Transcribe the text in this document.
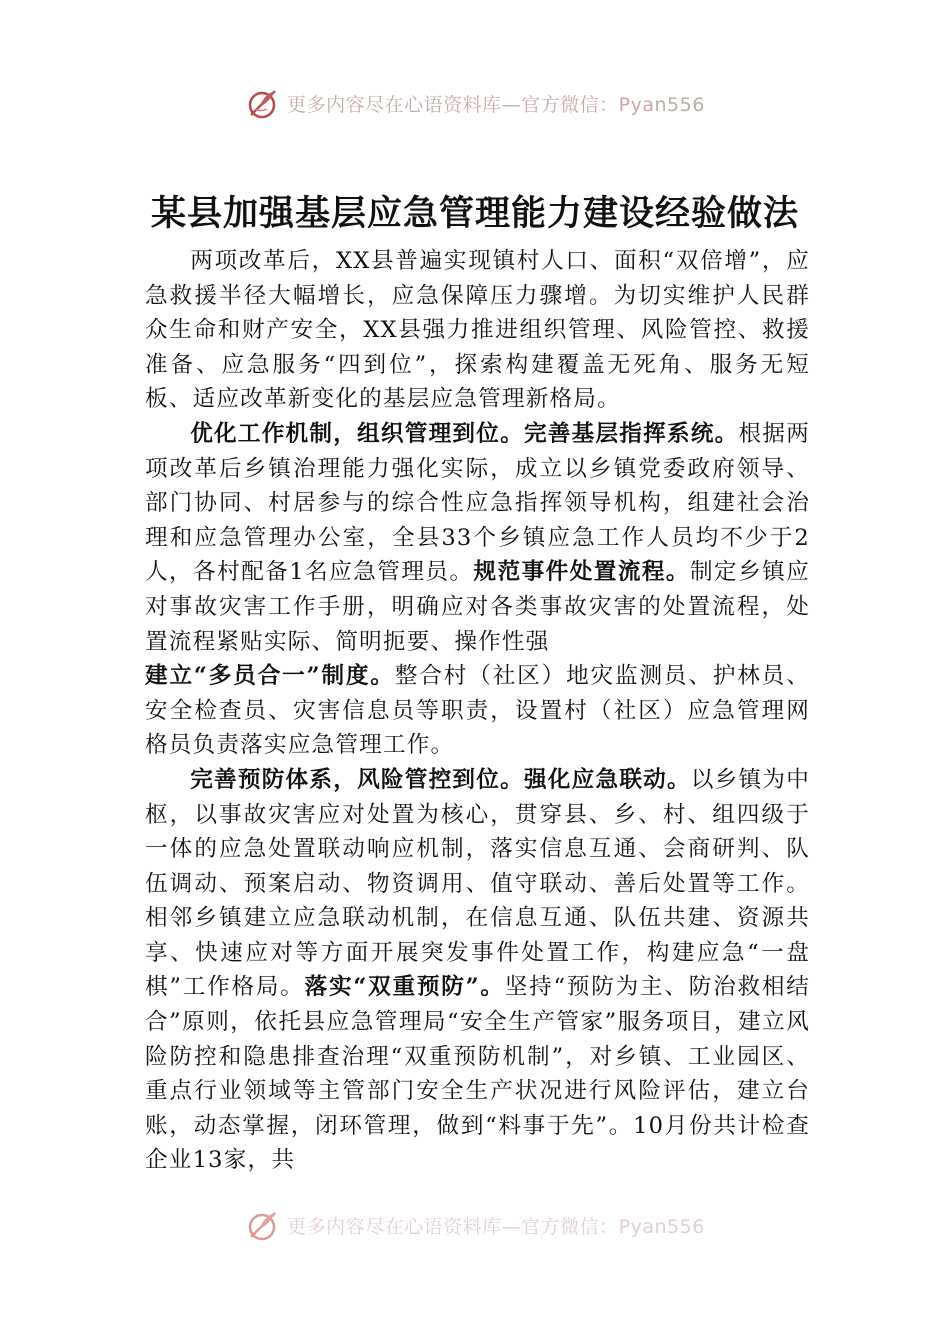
更多内容尽在心语资料库—官方微信：Pyan556
某县加强基层应急管理能力建设经验做法

两项改革后，XX县普遍实现镇村人口、面积“双倍增”，应急救援半径大幅增长，应急保障压力骤增。为切实维护人民群众生命和财产安全，XX县强力推进组织管理、风险管控、救援准备、应急服务“四到位”，探索构建覆盖无死角、服务无短板、适应改革新变化的基层应急管理新格局。

优化工作机制，组织管理到位。完善基层指挥系统。根据两项改革后乡镇治理能力强化实际，成立以乡镇党委政府领导、部门协同、村居参与的综合性应急指挥领导机构，组建社会治理和应急管理办公室，全县33个乡镇应急工作人员均不少于2人，各村配备1名应急管理员。规范事件处置流程。制定乡镇应对事故灾害工作手册，明确应对各类事故灾害的处置流程，处置流程紧贴实际、简明扼要、操作性强
建立“多员合一”制度。整合村（社区）地灾监测员、护林员、安全检查员、灾害信息员等职责，设置村（社区）应急管理网格员负责落实应急管理工作。

完善预防体系，风险管控到位。强化应急联动。以乡镇为中枢，以事故灾害应对处置为核心，贯穿县、乡、村、组四级于一体的应急处置联动响应机制，落实信息互通、会商研判、队伍调动、预案启动、物资调用、值守联动、善后处置等工作。相邻乡镇建立应急联动机制，在信息互通、队伍共建、资源共享、快速应对等方面开展突发事件处置工作，构建应急“一盘棋”工作格局。落实“双重预防”。坚持“预防为主、防治救相结合”原则，依托县应急管理局“安全生产管家”服务项目，建立风险防控和隐患排查治理“双重预防机制”，对乡镇、工业园区、重点行业领域等主管部门安全生产状况进行风险评估，建立台账，动态掌握，闭环管理，做到“料事于先”。10月份共计检查企业13家，共

更多内容尽在心语资料库—官方微信：Pyan556
